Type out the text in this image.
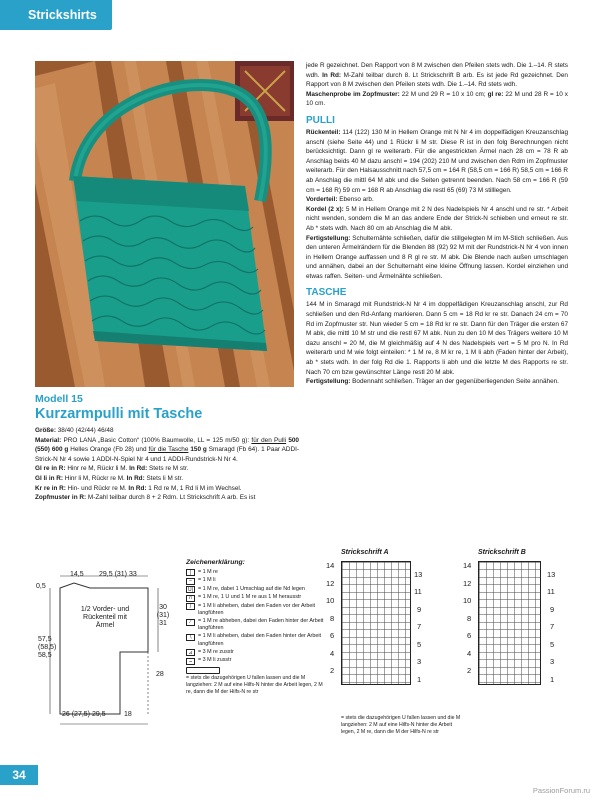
Strickshirts
Modell 15
Kurzarmpulli mit Tasche

Größe: 38/40 (42/44) 46/48

Material: PRO LANA „Basic Cotton“ (100% Baumwolle, LL = 125 m/50 g): für den Pulli 500 (550) 600 g Helles Orange (Fb 28) und für die Tasche 150 g Smaragd (Fb 64). 1 Paar ADDI-Strick-N Nr 4 sowie 1 ADDI-N-Spiel Nr 4 und 1 ADDI-Rundstrick-N Nr 4.

Gl re in R: Hinr re M, Rückr li M. In Rd: Stets re M str.

Gl li in R: Hinr li M, Rückr re M. In Rd: Stets li M str.

Kr re in R: Hin- und Rückr re M. In Rd: 1 Rd re M, 1 Rd li M im Wechsel.

Zopfmuster in R: M-Zahl teilbar durch 8 + 2 Rdm. Lt Strickschrift A arb. Es ist

jede R gezeichnet. Den Rapport von 8 M zwischen den Pfeilen stets wdh. Die 1.–14. R stets wdh. In Rd: M-Zahl teilbar durch 8. Lt Strickschrift B arb. Es ist jede Rd gezeichnet. Den Rapport von 8 M zwischen den Pfeilen stets wdh. Die 1.–14. Rd stets wdh.

Maschenprobe im Zopfmuster: 22 M und 29 R = 10 x 10 cm; gl re: 22 M und 28 R = 10 x 10 cm.

PULLI

Rückenteil: 114 (122) 130 M in Hellem Orange mit N Nr 4 im doppelfädigen Kreuzanschlag anschl (siehe Seite 44) und 1 Rückr li M str. Diese R ist in den folg Berechnungen nicht berücksichtigt. Dann gl re weiterarb. Für die angestrickten Ärmel nach 28 cm = 78 R ab Anschlag beids 40 M dazu anschl = 194 (202) 210 M und zwischen den Rdm im Zopfmuster weiterarb. Für den Halsausschnitt nach 57,5 cm = 164 R (58,5 cm = 166 R) 58,5 cm = 166 R ab Anschlag die mittl 64 M abk und die Seiten getrennt beenden. Nach 58 cm = 166 R (59 cm = 168 R) 59 cm = 168 R ab Anschlag die restl 65 (69) 73 M stilllegen.

Vorderteil: Ebenso arb.

Kordel (2 x): 5 M in Hellem Orange mit 2 N des Nadelspiels Nr 4 anschl und re str. * Arbeit nicht wenden, sondern die M an das andere Ende der Strick-N schieben und erneut re str. Ab * stets wdh. Nach 80 cm ab Anschlag die M abk.

Fertigstellung: Schulternähte schließen, dafür die stillgelegten M im M-Stich schließen. Aus den unteren Ärmelrändern für die Blenden 88 (92) 92 M mit der Rundstrick-N Nr 4 von innen in Hellem Orange auffassen und 8 R gl re str. M abk. Die Blende nach außen umschlagen und annähen, dabei an der Schulternaht eine kleine Öffnung lassen. Kordel einziehen und etwas raffen. Seiten- und Ärmelnähte schließen.

TASCHE

144 M in Smaragd mit Rundstrick-N Nr 4 im doppelfädigen Kreuzanschlag anschl, zur Rd schließen und den Rd-Anfang markieren. Dann 5 cm = 18 Rd kr re str. Danach 24 cm = 70 Rd im Zopfmuster str. Nun wieder 5 cm = 18 Rd kr re str. Dann für den Träger die ersten 67 M abk, die mittl 10 M str und die restl 67 M abk. Nun zu den 10 M des Trägers weitere 10 M dazu anschl = 20 M, die M gleichmäßig auf 4 N des Nadelspiels vert = 5 M pro N. In Rd weiterarb und M wie folgt einteilen: * 1 M re, 8 M kr re, 1 M li abh (Faden hinter der Arbeit), ab * stets wdh. In der folg Rd die 1. Rapports li abh und die letzte M des Rapports re str. Nach 70 cm bzw gewünschter Länge restl 20 M abk.

Fertigstellung: Bodennaht schließen. Träger an der gegenüberliegenden Seite annähen.

14,5 29,5 (31) 33
0,5
1/2 Vorder- und Rückenteil mit Ärmel
30 (31) 31
57,5 (58,5) 58,5
28
26 (27,5) 29,5	18
Zeichenerklärung:
|	= 1 M re
–	= 1 M li
U| = 1 M re, dabei 1 Umschlag auf die Nd legen
/\	= 1 M re, 1 U und 1 M re aus 1 M herausstr
/	= 1 M li abheben, dabei den Faden vor der Arbeit langführen
∕	= 1 M re abheben, dabei den Faden hinter der Arbeit langführen
∖	= 1 M li abheben, dabei den Faden hinter der Arbeit langführen
⊿	= 3 M re zusstr
⨼	= 3 M li zusstr
= stets die dazugehörigen U fallen lassen und die M langziehen: 2 M auf eine Hilfs-N hinter die Arbeit legen, 2 M re, dann die M der Hilfs-N re str
Strickschrift A
14
12
10
8
6
4
2
13
11
9
7
5
3
1
= stets die dazugehörigen U fallen lassen und die M langziehen: 2 M auf eine Hilfs-N hinter die Arbeit legen, 2 M re, dann die M der Hilfs-N re str
Strickschrift B
14
12
10
8
6
4
2
13
11
9
7
5
3
1
34
PassionForum.ru
